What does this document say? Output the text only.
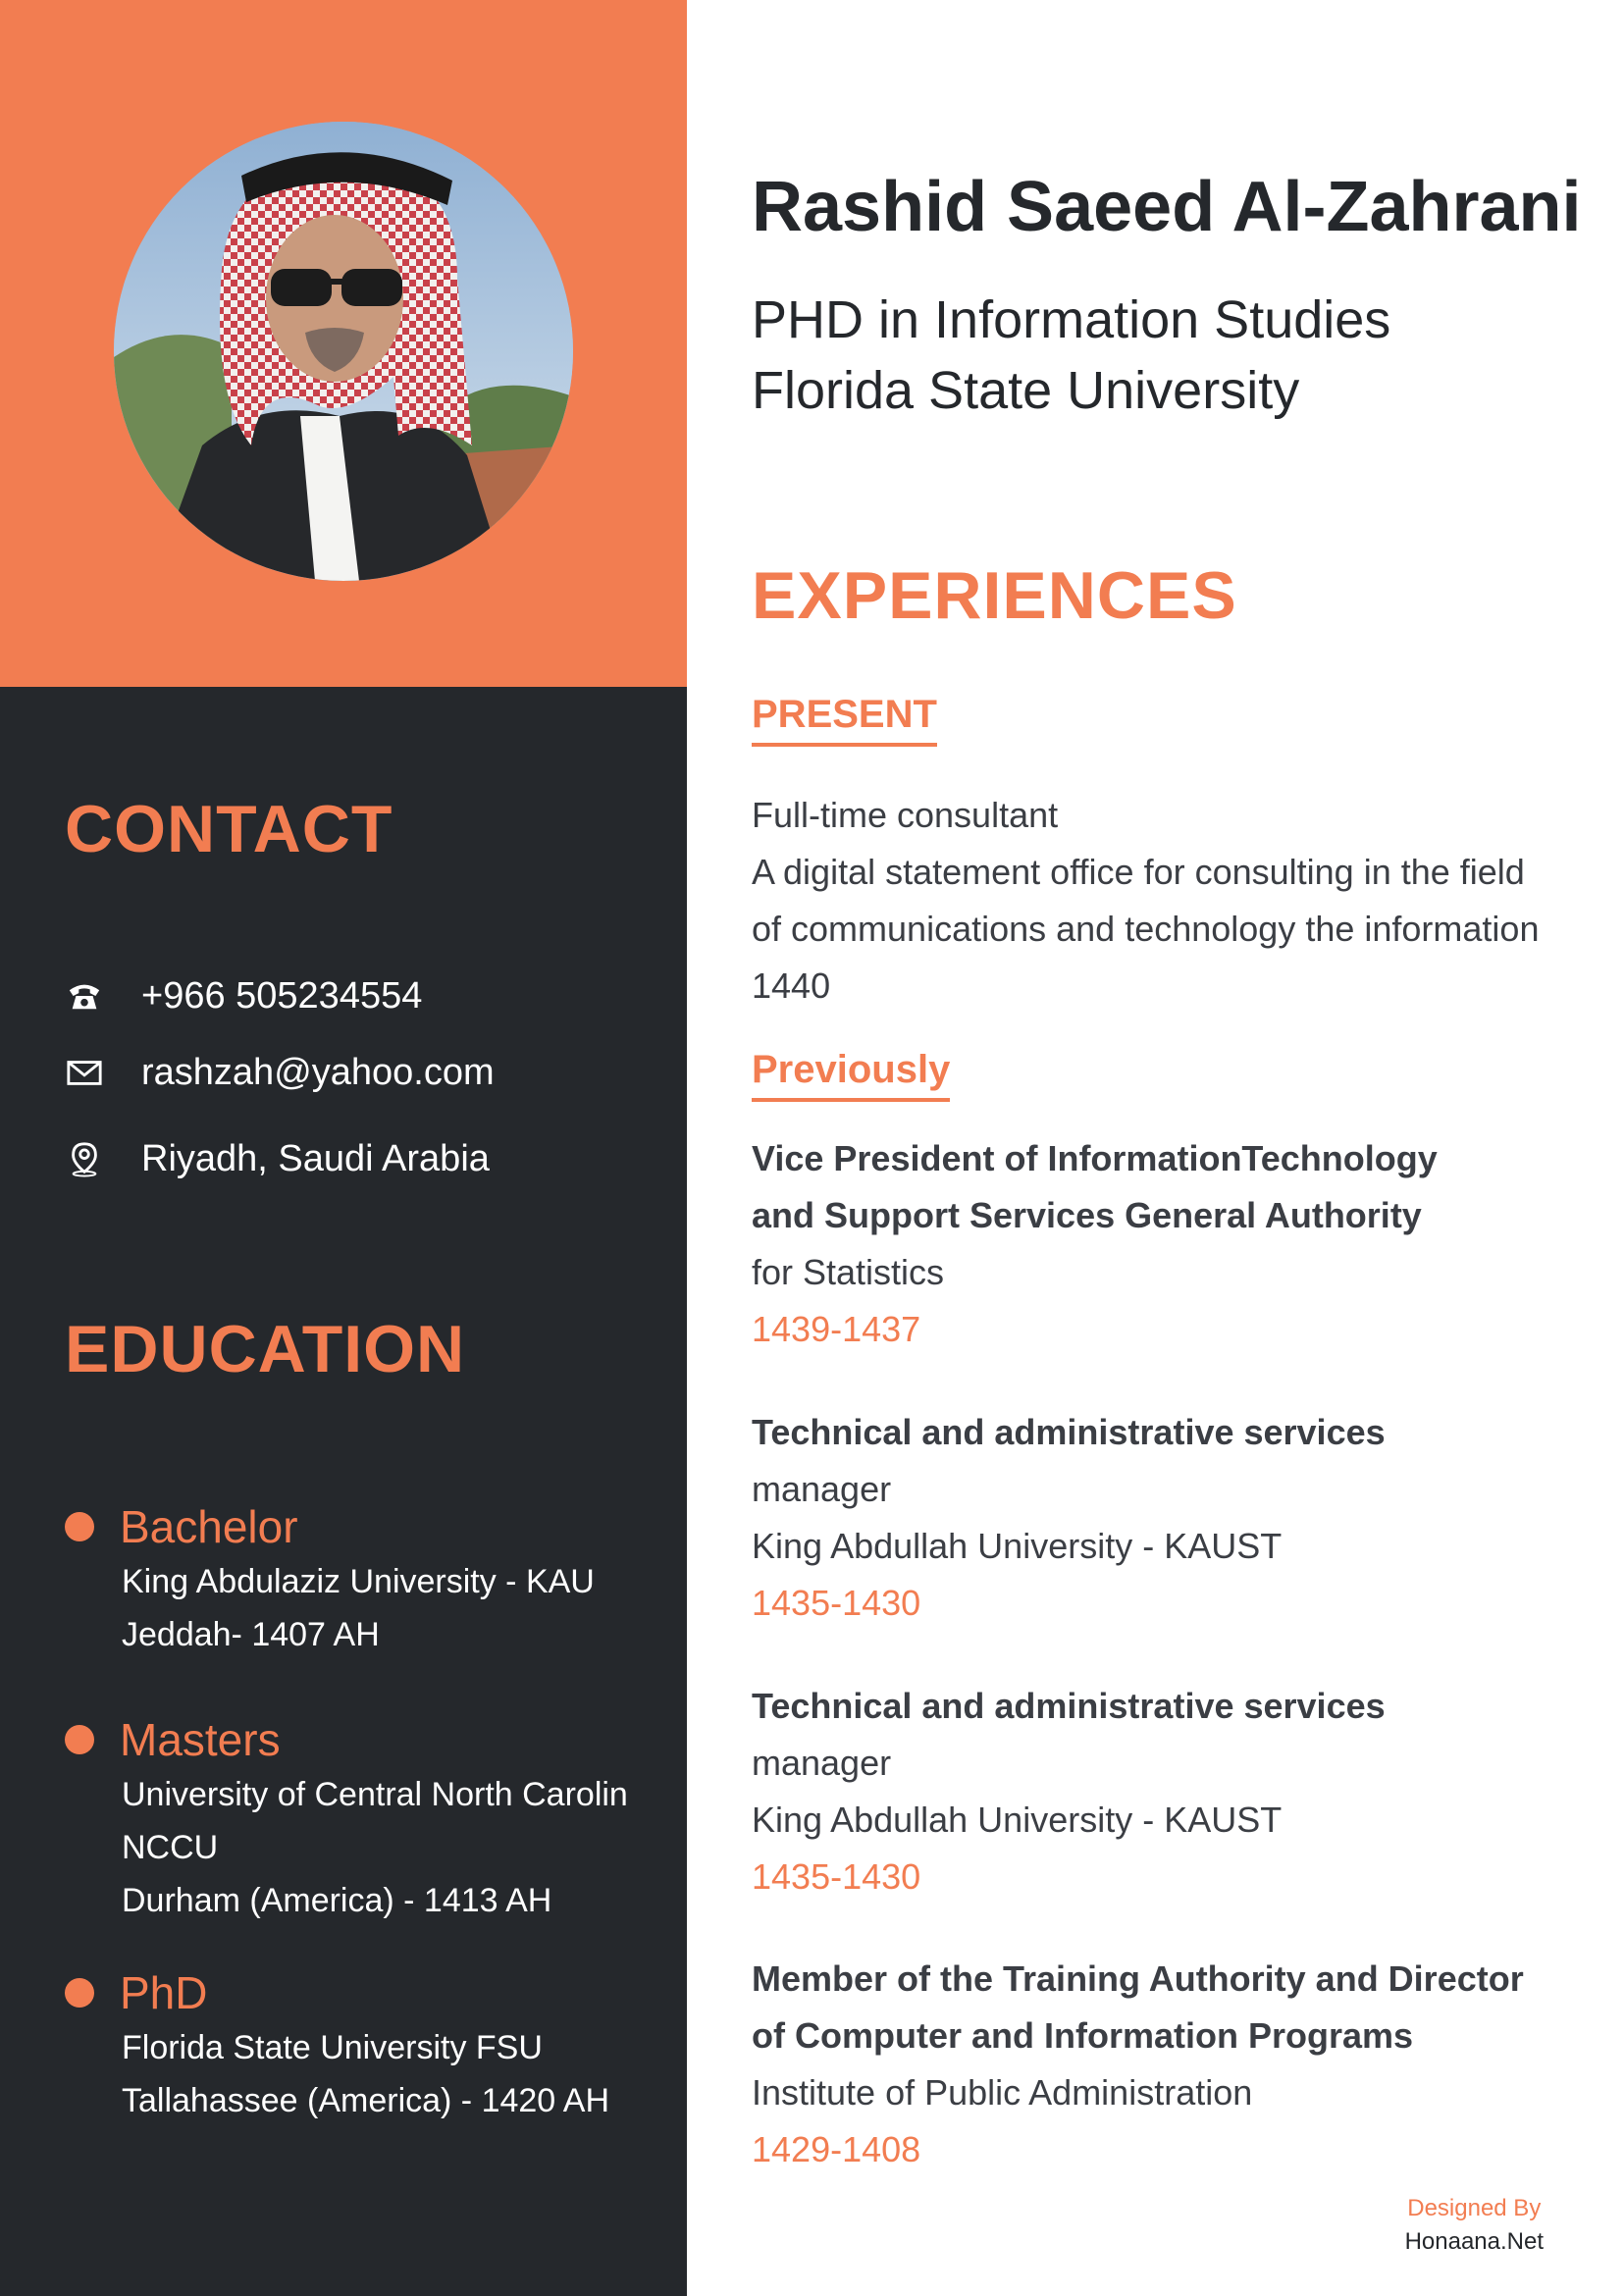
Rashid Saeed Al-Zahrani
PHD in Information Studies
Florida State University
CONTACT
+966 505234554
rashzah@yahoo.com
Riyadh, Saudi Arabia
EDUCATION
Bachelor
King Abdulaziz University - KAU
Jeddah- 1407 AH
Masters
University of Central North Carolin
NCCU
Durham (America) - 1413 AH
PhD
Florida State University FSU
Tallahassee (America) - 1420 AH
EXPERIENCES
PRESENT
Full-time consultant
A digital statement office for consulting in the field
of communications and technology the information
1440
Previously
Vice President of InformationTechnology
and Support Services General Authority
for Statistics
1439-1437
Technical and administrative services
manager
King Abdullah University - KAUST
1435-1430
Technical and administrative services
manager
King Abdullah University - KAUST
1435-1430
Member of the Training Authority and Director
of Computer and Information Programs
Institute of Public Administration
1429-1408
Designed By
Honaana.Net
